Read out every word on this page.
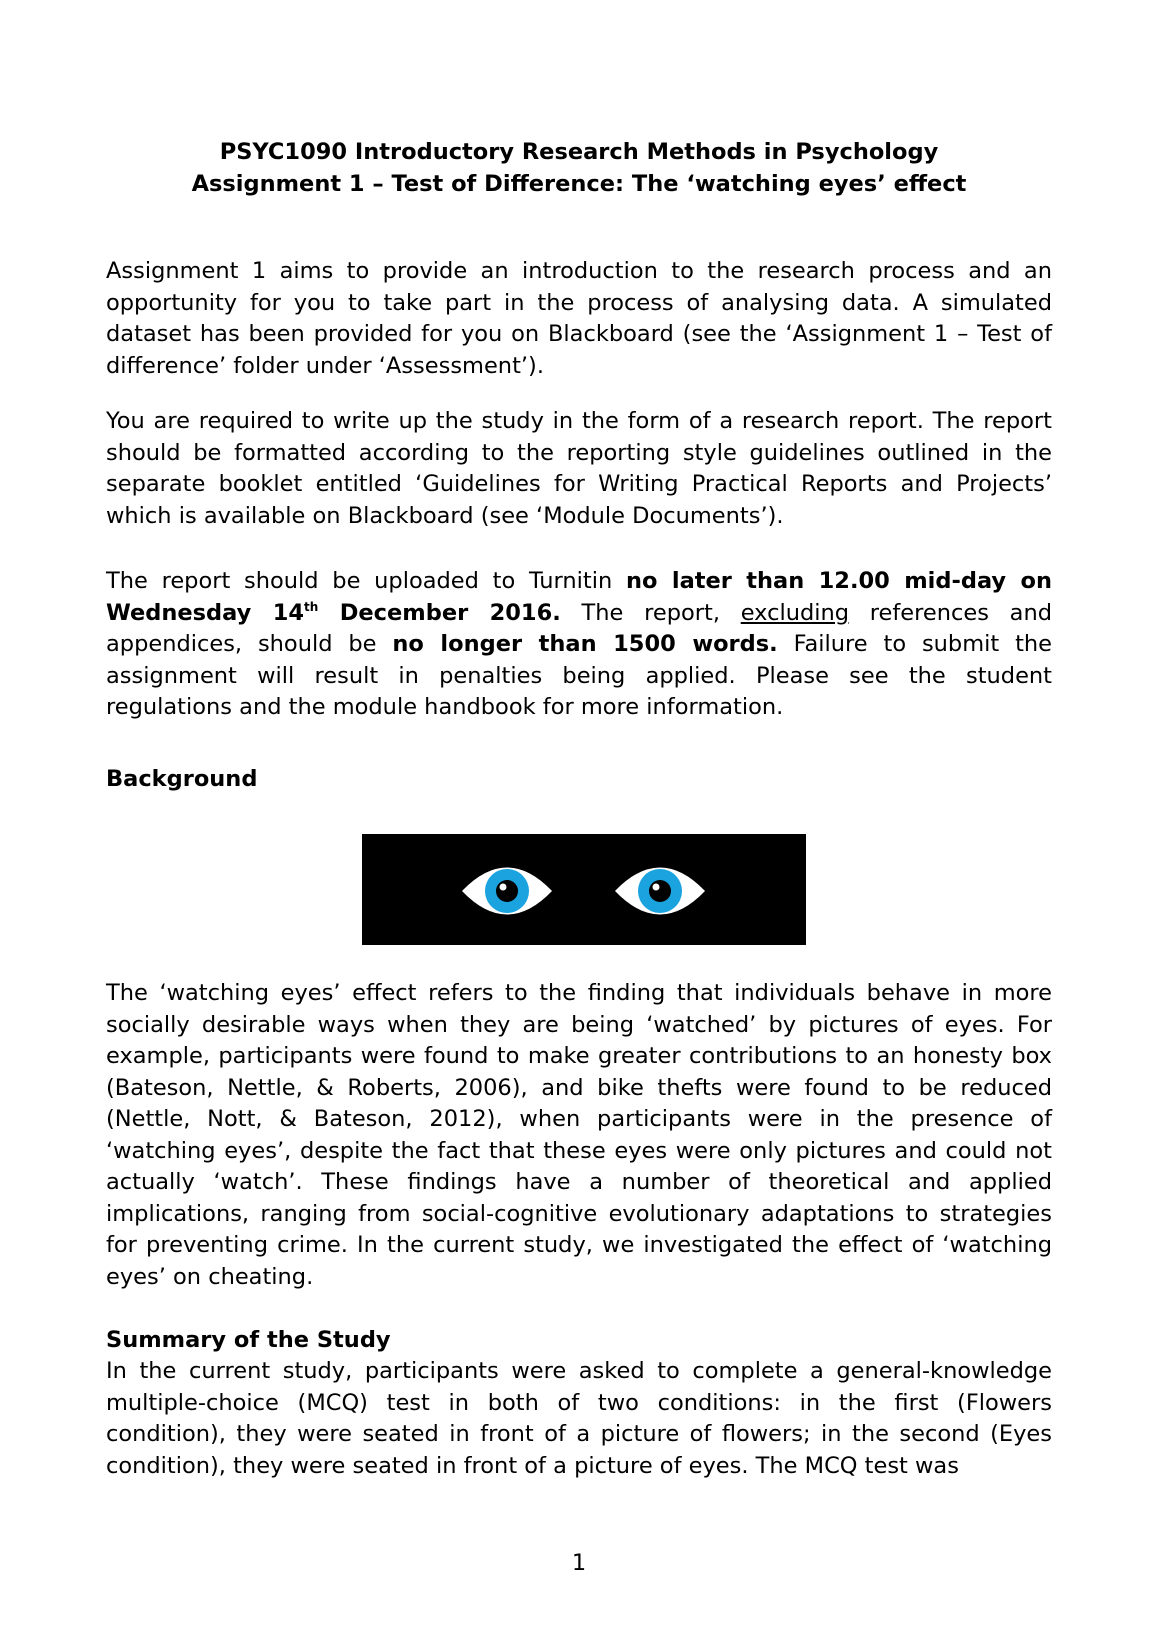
PSYC1090 Introductory Research Methods in Psychology
Assignment 1 – Test of Difference: The ‘watching eyes’ effect

Assignment 1 aims to provide an introduction to the research process and an opportunity for you to take part in the process of analysing data. A simulated dataset has been provided for you on Blackboard (see the ‘Assignment 1 – Test of difference’ folder under ‘Assessment’).

You are required to write up the study in the form of a research report. The report should be formatted according to the reporting style guidelines outlined in the separate booklet entitled ‘Guidelines for Writing Practical Reports and Projects’ which is available on Blackboard (see ‘Module Documents’).

The report should be uploaded to Turnitin no later than 12.00 mid-day on Wednesday 14th December 2016. The report, excluding references and appendices, should be no longer than 1500 words. Failure to submit the assignment will result in penalties being applied. Please see the student regulations and the module handbook for more information.

Background

The ‘watching eyes’ effect refers to the finding that individuals behave in more socially desirable ways when they are being ‘watched’ by pictures of eyes. For example, participants were found to make greater contributions to an honesty box (Bateson, Nettle, & Roberts, 2006), and bike thefts were found to be reduced (Nettle, Nott, & Bateson, 2012), when participants were in the presence of ‘watching eyes’, despite the fact that these eyes were only pictures and could not actually ‘watch’. These findings have a number of theoretical and applied implications, ranging from social-cognitive evolutionary adaptations to strategies for preventing crime. In the current study, we investigated the effect of ‘watching eyes’ on cheating.

Summary of the Study

In the current study, participants were asked to complete a general-knowledge multiple-choice (MCQ) test in both of two conditions: in the first (Flowers condition), they were seated in front of a picture of flowers; in the second (Eyes condition), they were seated in front of a picture of eyes. The MCQ test was

1
